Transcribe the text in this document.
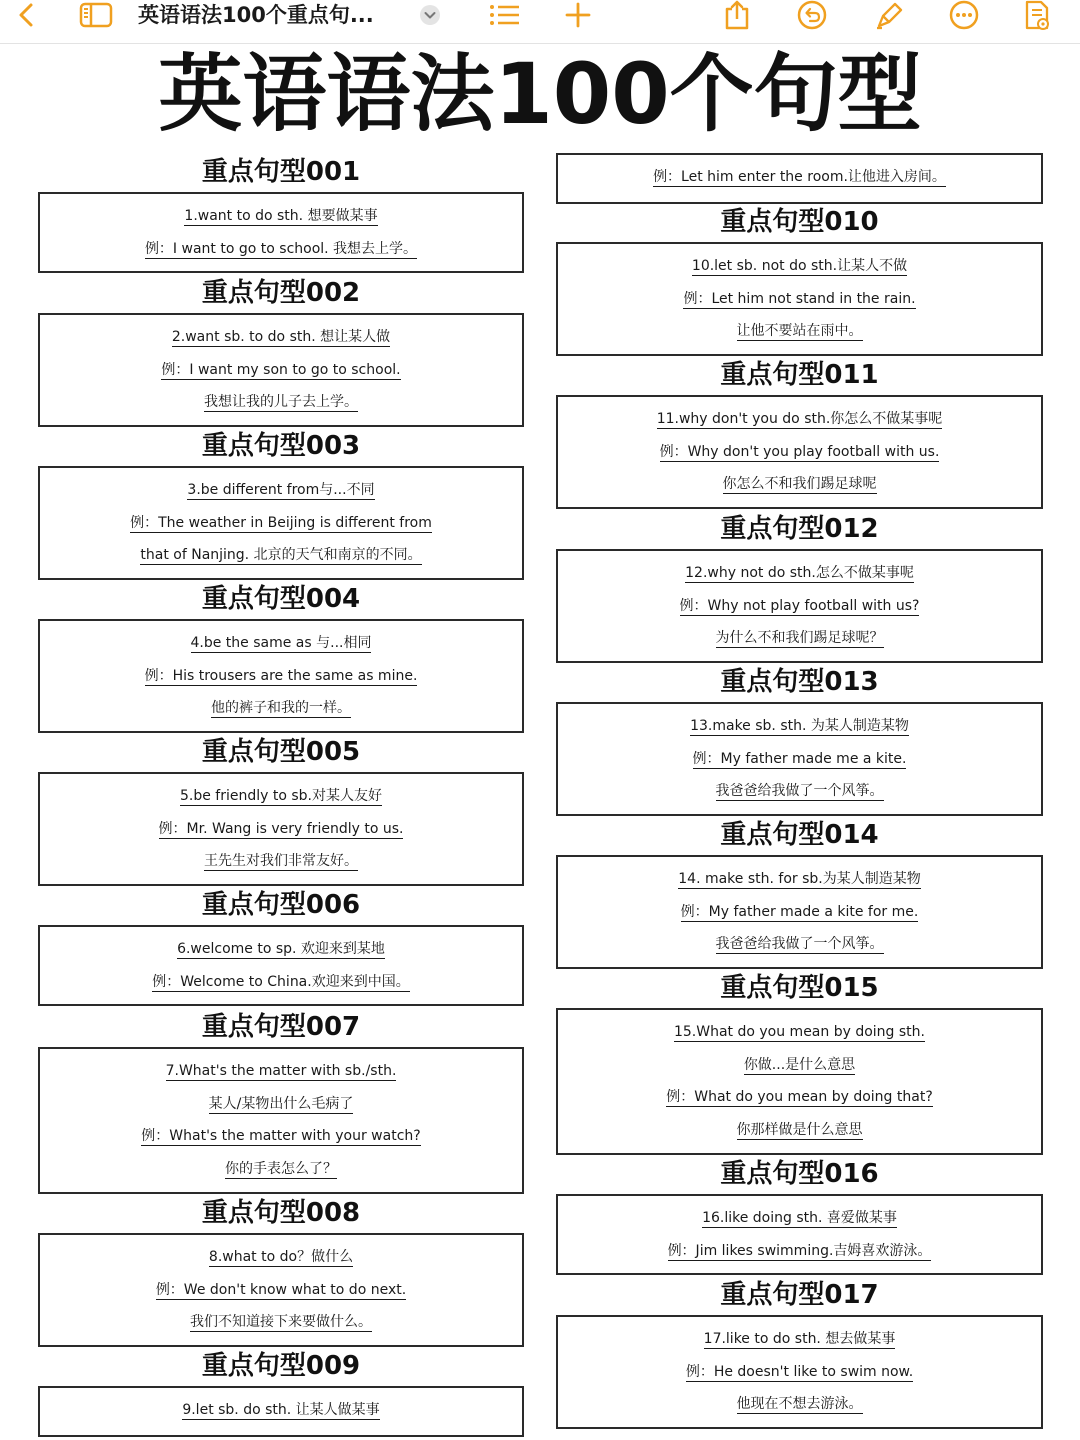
英语语法100个重点句...
英语语法100个句型
重点句型001
1.want to do sth. 想要做某事
例：I want to go to school. 我想去上学。
重点句型002
2.want sb. to do sth. 想让某人做
例：I want my son to go to school.
我想让我的儿子去上学。
重点句型003
3.be different from与...不同
例：The weather in Beijing is different from
that of Nanjing. 北京的天气和南京的不同。
重点句型004
4.be the same as 与...相同
例：His trousers are the same as mine.
他的裤子和我的一样。
重点句型005
5.be friendly to sb.对某人友好
例：Mr. Wang is very friendly to us.
王先生对我们非常友好。
重点句型006
6.welcome to sp. 欢迎来到某地
例：Welcome to China.欢迎来到中国。
重点句型007
7.What's the matter with sb./sth.
某人/某物出什么毛病了
例：What's the matter with your watch?
你的手表怎么了？
重点句型008
8.what to do？做什么
例：We don't know what to do next.
我们不知道接下来要做什么。
重点句型009
9.let sb. do sth. 让某人做某事
例：Let him enter the room.让他进入房间。
重点句型010
10.let sb. not do sth.让某人不做
例：Let him not stand in the rain.
让他不要站在雨中。
重点句型011
11.why don't you do sth.你怎么不做某事呢
例：Why don't you play football with us.
你怎么不和我们踢足球呢
重点句型012
12.why not do sth.怎么不做某事呢
例：Why not play football with us?
为什么不和我们踢足球呢？
重点句型013
13.make sb. sth. 为某人制造某物
例：My father made me a kite.
我爸爸给我做了一个风筝。
重点句型014
14. make sth. for sb.为某人制造某物
例：My father made a kite for me.
我爸爸给我做了一个风筝。
重点句型015
15.What do you mean by doing sth.
你做...是什么意思
例：What do you mean by doing that?
你那样做是什么意思
重点句型016
16.like doing sth. 喜爱做某事
例：Jim likes swimming.吉姆喜欢游泳。
重点句型017
17.like to do sth. 想去做某事
例：He doesn't like to swim now.
他现在不想去游泳。
